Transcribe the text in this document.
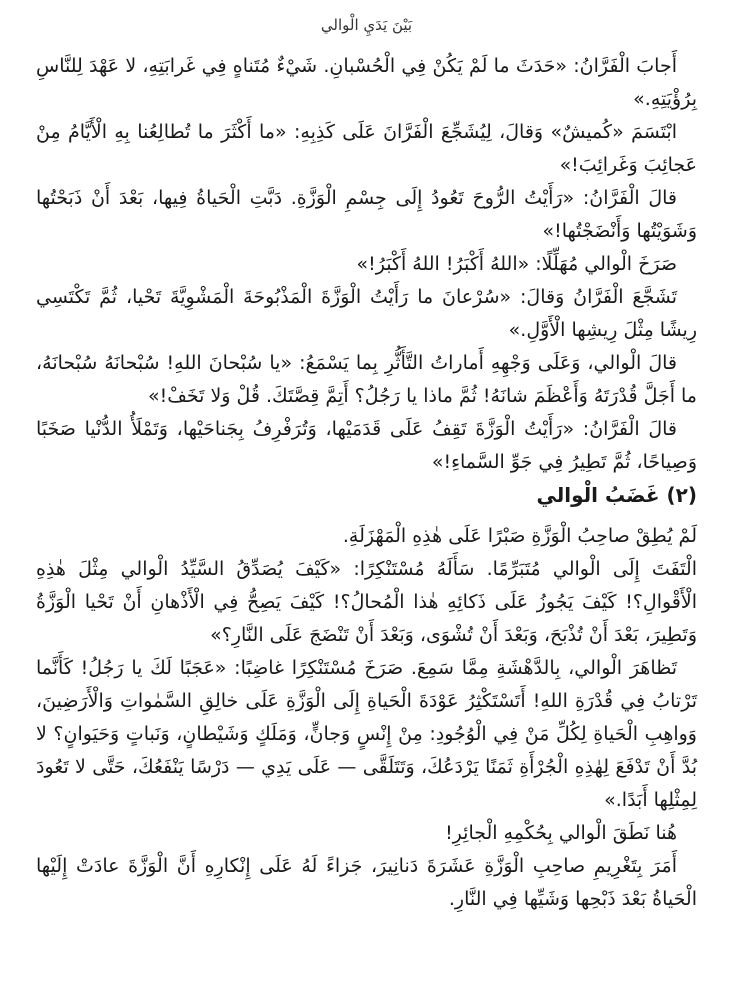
بَيْنَ يَدَيِ الْوالي

أَجابَ الْفَرَّانُ: «حَدَثَ ما لَمْ يَكُنْ فِي الْحُسْبانِ. شَيْءٌ مُتَناهٍ فِي غَرابَتِهِ، لا عَهْدَ لِلنَّاسِ بِرُؤْيَتِهِ.»

ابْتَسَمَ «كُميشٌ» وَقالَ، لِيُشَجِّعَ الْفَرَّانَ عَلَى كَذِبِهِ: «ما أَكْثَرَ ما تُطالِعُنا بِهِ الْأَيَّامُ مِنْ عَجائِبَ وَغَرائِبَ!»

قالَ الْفَرَّانُ: «رَأَيْتُ الرُّوحَ تَعُودُ إِلَى جِسْمِ الْوَزَّةِ. دَبَّتِ الْحَياةُ فِيها، بَعْدَ أَنْ ذَبَحْتُها وَشَوَيْتُها وَأَنْضَجْتُها!»

صَرَخَ الْوالي مُهَلِّلًا: «اللهُ أَكْبَرُ! اللهُ أَكْبَرُ!»

تَشَجَّعَ الْفَرَّانُ وَقالَ: «سُرْعانَ ما رَأَيْتُ الْوَزَّةَ الْمَذْبُوحَةَ الْمَشْوِيَّةَ تَحْيا، ثُمَّ تَكْتَسِي رِيشًا مِثْلَ رِيشِها الْأَوَّلِ.»

قالَ الْوالي، وَعَلَى وَجْهِهِ أَماراتُ التَّأَثُّرِ بِما يَسْمَعُ: «يا سُبْحانَ اللهِ! سُبْحانَهُ سُبْحانَهُ، ما أَجَلَّ قُدْرَتَهُ وَأَعْظَمَ شانَهُ! ثُمَّ ماذا يا رَجُلُ؟ أَتِمَّ قِصَّتَكَ. قُلْ وَلا تَخَفْ!»

قالَ الْفَرَّانُ: «رَأَيْتُ الْوَزَّةَ تَقِفُ عَلَى قَدَمَيْها، وَتُرَفْرِفُ بِجَناحَيْها، وَتَمْلَأُ الدُّنْيا صَخَبًا وَصِياحًا، ثُمَّ تَطِيرُ فِي جَوِّ السَّماءِ!»

(٢) غَضَبُ الْوالي

لَمْ يُطِقْ صاحِبُ الْوَزَّةِ صَبْرًا عَلَى هٰذِهِ الْمَهْزَلَةِ.

الْتَفَتَ إِلَى الْوالي مُتَبَرِّمًا. سَأَلَهُ مُسْتَنْكِرًا: «كَيْفَ يُصَدِّقُ السَّيِّدُ الْوالي مِثْلَ هٰذِهِ الْأَقْوالِ؟! كَيْفَ يَجُوزُ عَلَى ذَكائِهِ هٰذا الْمُحالُ؟! كَيْفَ يَصِحُّ فِي الْأَذْهانِ أَنْ تَحْيا الْوَزَّةُ وَتَطِيرَ، بَعْدَ أَنْ تُذْبَحَ، وَبَعْدَ أَنْ تُشْوَى، وَبَعْدَ أَنْ تَنْضَجَ عَلَى النَّارِ؟»

تَظاهَرَ الْوالي، بِالدَّهْشَةِ مِمَّا سَمِعَ. صَرَخَ مُسْتَنْكِرًا غاضِبًا: «عَجَبًا لَكَ يا رَجُلُ! كَأَنَّما تَرْتابُ فِي قُدْرَةِ اللهِ! أَتَسْتَكْثِرُ عَوْدَةَ الْحَياةِ إِلَى الْوَزَّةِ عَلَى خالِقِ السَّمٰواتِ وَالْأَرَضِينَ، وَواهِبِ الْحَياةِ لِكُلِّ مَنْ فِي الْوُجُودِ: مِنْ إِنْسٍ وَجانٍّ، وَمَلَكٍ وَشَيْطانٍ، وَنَباتٍ وَحَيَوانٍ؟ لا بُدَّ أَنْ تَدْفَعَ لِهٰذِهِ الْجُرْأَةِ ثَمَنًا يَرْدَعُكَ، وَتَتَلَقَّى — عَلَى يَدِي — دَرْسًا يَنْفَعُكَ، حَتَّى لا تَعُودَ لِمِثْلِها أَبَدًا.»

هُنا نَطَقَ الْوالي بِحُكْمِهِ الْجائِرِ!

أَمَرَ بِتَغْرِيمِ صاحِبِ الْوَزَّةِ عَشَرَةَ دَنانِيرَ، جَزاءً لَهُ عَلَى إِنْكارِهِ أَنَّ الْوَزَّةَ عادَتْ إِلَيْها الْحَياةُ بَعْدَ ذَبْحِها وَشَيِّها فِي النَّارِ.
